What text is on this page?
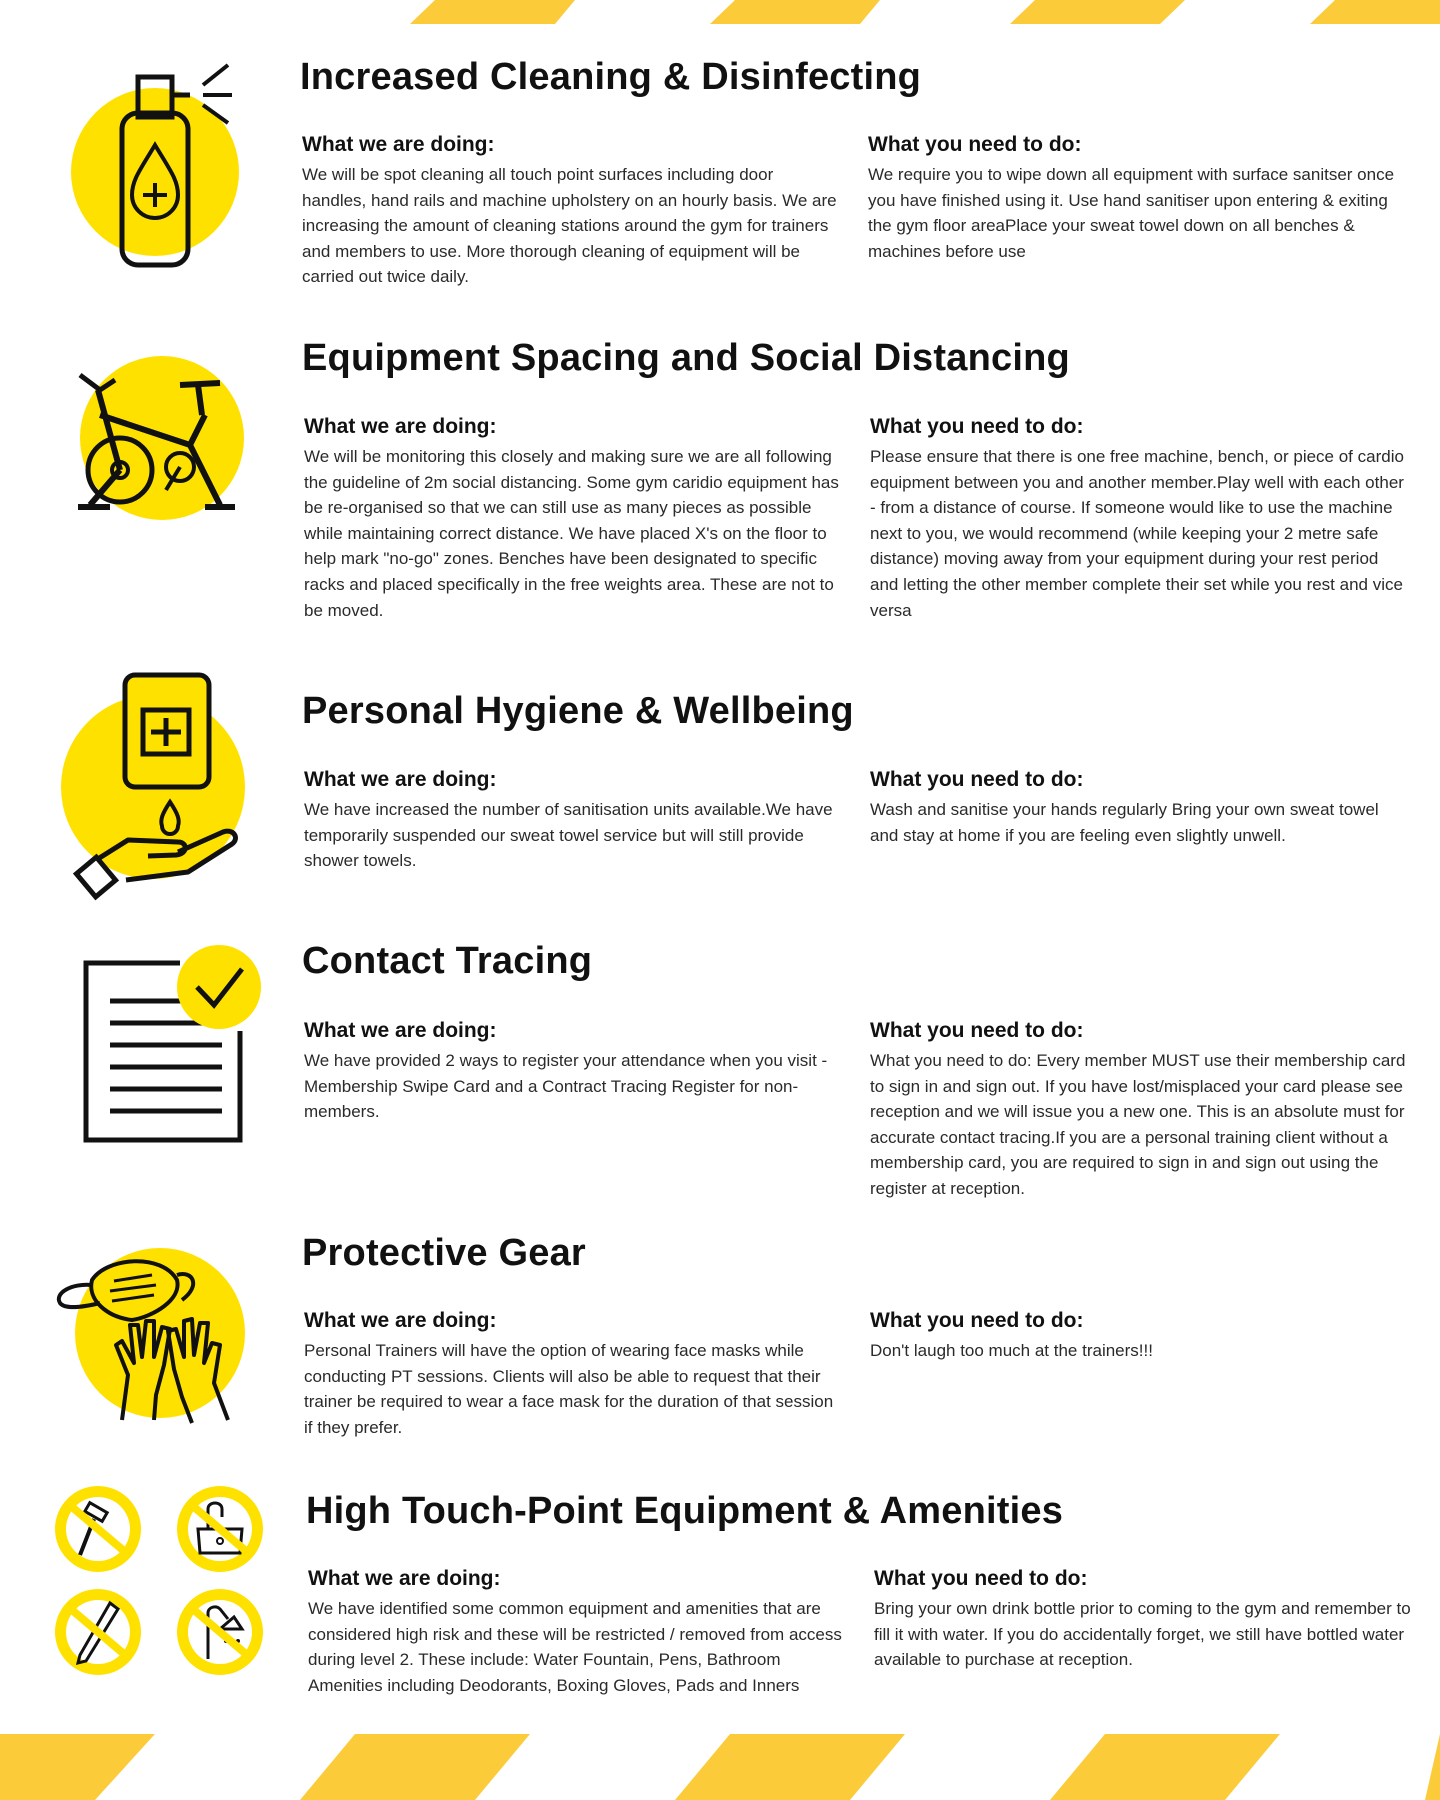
Increased Cleaning & Disinfecting
What we are doing:

We will be spot cleaning all touch point surfaces including door handles, hand rails and machine upholstery on an hourly basis. We are increasing the amount of cleaning stations around the gym for trainers and members to use. More thorough cleaning of equipment will be carried out twice daily.

What you need to do:

We require you to wipe down all equipment with surface sanitser once you have finished using it. Use hand sanitiser upon entering & exiting the gym floor areaPlace your sweat towel down on all benches & machines before use

Equipment Spacing and Social Distancing
What we are doing:

We will be monitoring this closely and making sure we are all following the guideline of 2m social distancing. Some gym caridio equipment has be re-organised so that we can still use as many pieces as possible while maintaining correct distance. We have placed X's on the floor to help mark "no-go" zones. Benches have been designated to specific racks and placed specifically in the free weights area. These are not to be moved.

What you need to do:

Please ensure that there is one free machine, bench, or piece of cardio equipment between you and another member.Play well with each other - from a distance of course. If someone would like to use the machine next to you, we would recommend (while keeping your 2 metre safe distance) moving away from your equipment during your rest period and letting the other member complete their set while you rest and vice versa

Personal Hygiene & Wellbeing
What we are doing:

We have increased the number of sanitisation units available.We have temporarily suspended our sweat towel service but will still provide shower towels.

What you need to do:

Wash and sanitise your hands regularly Bring your own sweat towel and stay at home if you are feeling even slightly unwell.

Contact Tracing
What we are doing:

We have provided 2 ways to register your attendance when you visit - Membership Swipe Card and a Contract Tracing Register for non-members.

What you need to do:

What you need to do: Every member MUST use their membership card to sign in and sign out. If you have lost/misplaced your card please see reception and we will issue you a new one. This is an absolute must for accurate contact tracing.If you are a personal training client without a membership card, you are required to sign in and sign out using the register at reception.

Protective Gear
What we are doing:

Personal Trainers will have the option of wearing face masks while conducting PT sessions. Clients will also be able to request that their trainer be required to wear a face mask for the duration of that session if they prefer.

What you need to do:

Don't laugh too much at the trainers!!!

High Touch-Point Equipment & Amenities
What we are doing:

We have identified some common equipment and amenities that are considered high risk and these will be restricted / removed from access during level 2. These include: Water Fountain, Pens, Bathroom Amenities including Deodorants, Boxing Gloves, Pads and Inners

What you need to do:

Bring your own drink bottle prior to coming to the gym and remember to fill it with water. If you do accidentally forget, we still have bottled water available to purchase at reception.
